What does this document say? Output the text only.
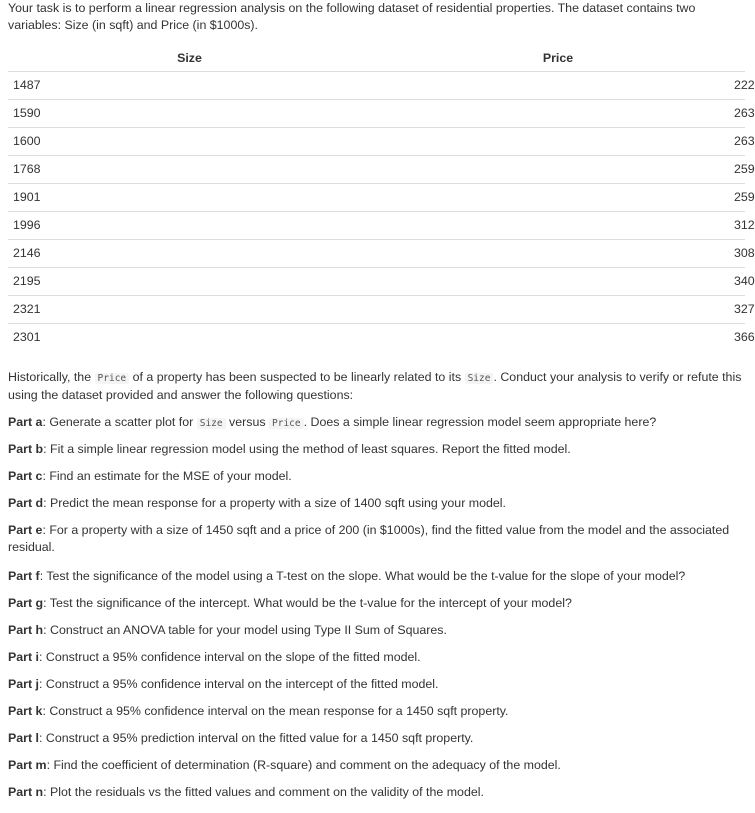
Your task is to perform a linear regression analysis on the following dataset of residential properties. The dataset contains two variables: Size (in sqft) and Price (in $1000s).

Size	Price
1487	222
1590	263
1600	263
1768	259
1901	259
1996	312
2146	308
2195	340
2321	327
2301	366

Historically, the Price of a property has been suspected to be linearly related to its Size . Conduct your analysis to verify or refute this using the dataset provided and answer the following questions:

Part a: Generate a scatter plot for Size versus Price . Does a simple linear regression model seem appropriate here?

Part b: Fit a simple linear regression model using the method of least squares. Report the fitted model.

Part c: Find an estimate for the MSE of your model.

Part d: Predict the mean response for a property with a size of 1400 sqft using your model.

Part e: For a property with a size of 1450 sqft and a price of 200 (in $1000s), find the fitted value from the model and the associated residual.

Part f: Test the significance of the model using a T-test on the slope. What would be the t-value for the slope of your model?

Part g: Test the significance of the intercept. What would be the t-value for the intercept of your model?

Part h: Construct an ANOVA table for your model using Type II Sum of Squares.

Part i: Construct a 95% confidence interval on the slope of the fitted model.

Part j: Construct a 95% confidence interval on the intercept of the fitted model.

Part k: Construct a 95% confidence interval on the mean response for a 1450 sqft property.

Part l: Construct a 95% prediction interval on the fitted value for a 1450 sqft property.

Part m: Find the coefficient of determination (R-square) and comment on the adequacy of the model.

Part n: Plot the residuals vs the fitted values and comment on the validity of the model.
